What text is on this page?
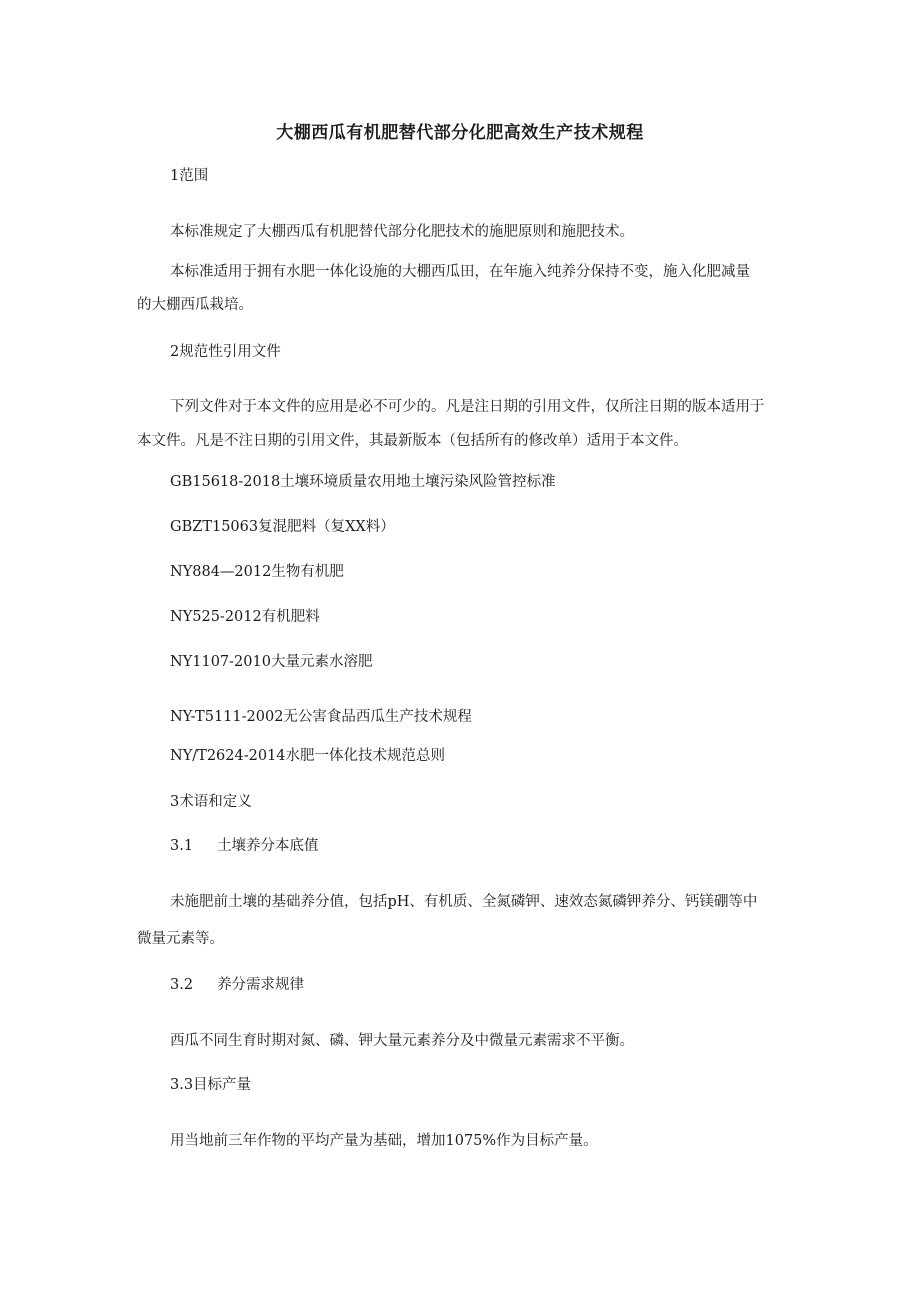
大棚西瓜有机肥替代部分化肥高效生产技术规程
1范围
本标准规定了大棚西瓜有机肥替代部分化肥技术的施肥原则和施肥技术。
本标准适用于拥有水肥一体化设施的大棚西瓜田，在年施入纯养分保持不变，施入化肥减量
的大棚西瓜栽培。
2规范性引用文件
下列文件对于本文件的应用是必不可少的。凡是注日期的引用文件，仅所注日期的版本适用于
本文件。凡是不注日期的引用文件，其最新版本（包括所有的修改单）适用于本文件。
GB15618-2018土壤环境质量农用地土壤污染风险管控标准
GBZT15063复混肥料（复XX料）
NY884—2012生物有机肥
NY525-2012有机肥料
NY1107-2010大量元素水溶肥
NY-T5111-2002无公害食品西瓜生产技术规程
NY/T2624-2014水肥一体化技术规范总则
3术语和定义
3.1 土壤养分本底值
未施肥前土壤的基础养分值，包括pH、有机质、全氮磷钾、速效态氮磷钾养分、钙镁硼等中
微量元素等。
3.2 养分需求规律
西瓜不同生育时期对氮、磷、钾大量元素养分及中微量元素需求不平衡。
3.3目标产量
用当地前三年作物的平均产量为基础，增加1075%作为目标产量。
